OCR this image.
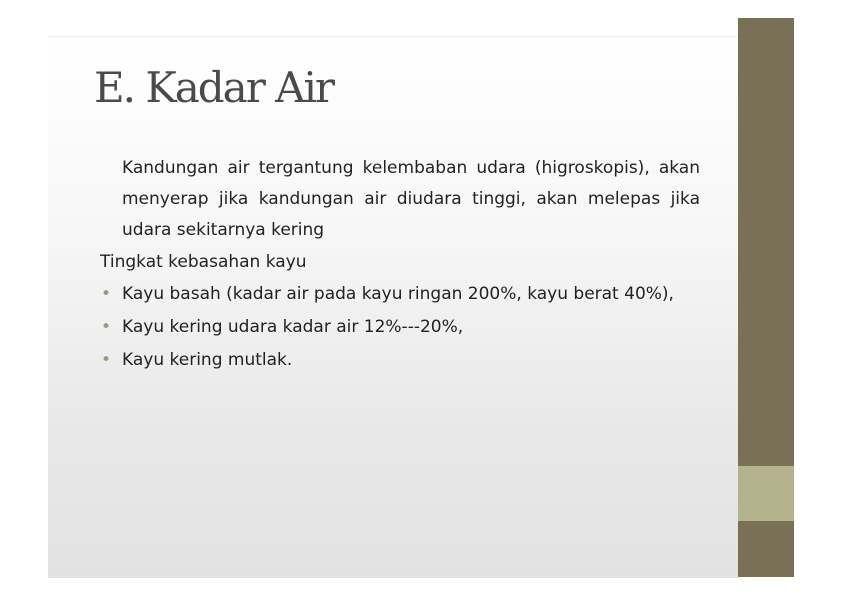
E. Kadar Air

Kandungan air tergantung kelembaban udara (higroskopis), akan menyerap jika kandungan air diudara tinggi, akan melepas jika udara sekitarnya kering

Tingkat kebasahan kayu

• Kayu basah (kadar air pada kayu ringan 200%, kayu berat 40%),
• Kayu kering udara kadar air 12%---20%,
• Kayu kering mutlak.
